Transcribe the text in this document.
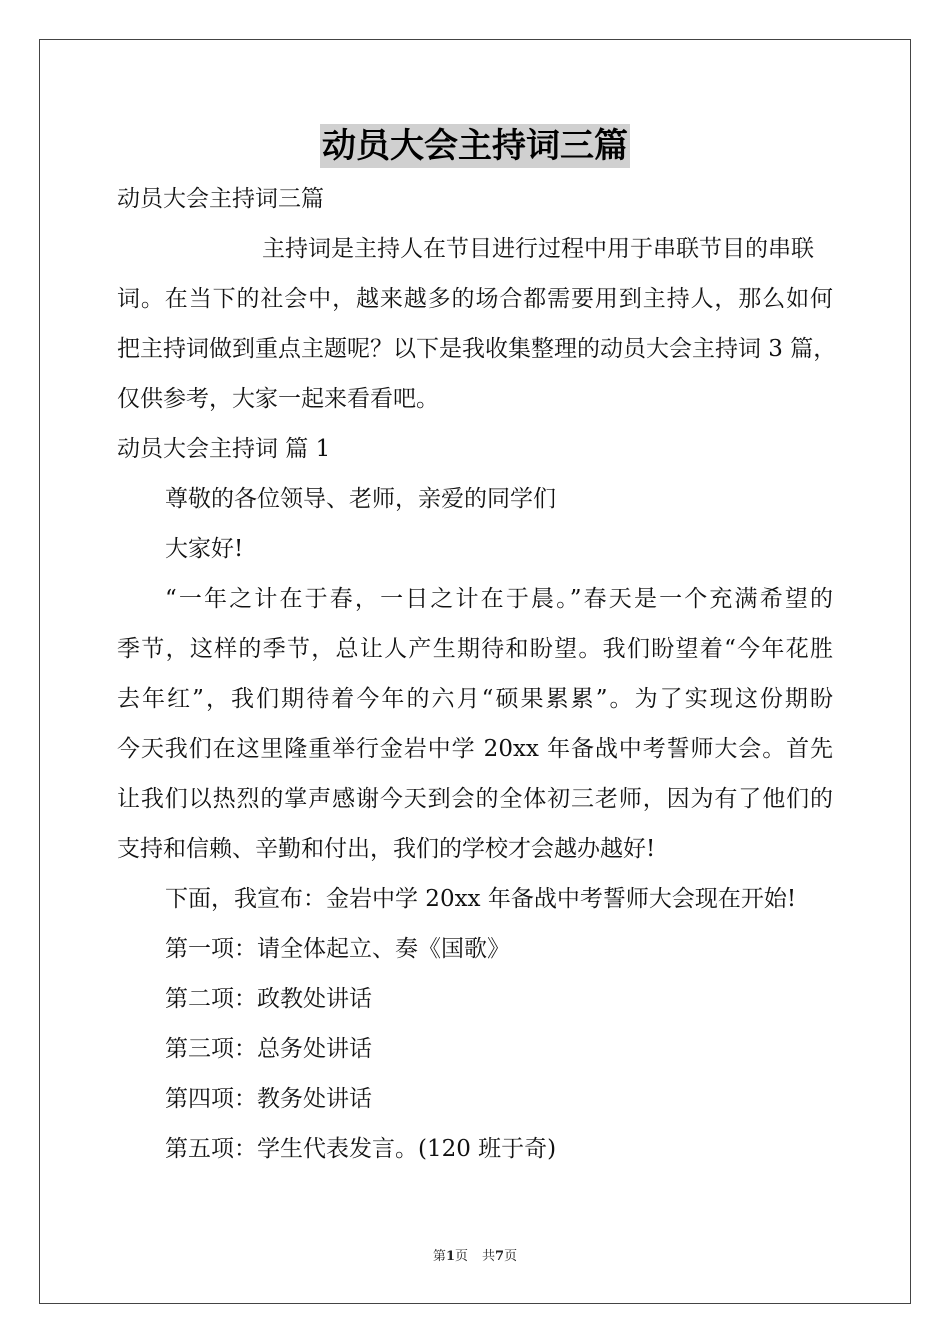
动员大会主持词三篇
动员大会主持词三篇
主持词是主持人在节目进行过程中用于串联节目的串联
词。在当下的社会中，越来越多的场合都需要用到主持人，那么如何
把主持词做到重点主题呢？以下是我收集整理的动员大会主持词 3 篇，
仅供参考，大家一起来看看吧。
动员大会主持词 篇 1
尊敬的各位领导、老师，亲爱的同学们
大家好!
“一年之计在于春，一日之计在于晨。”春天是一个充满希望的
季节，这样的季节，总让人产生期待和盼望。我们盼望着“今年花胜
去年红”，我们期待着今年的六月“硕果累累”。为了实现这份期盼
今天我们在这里隆重举行金岩中学 20xx 年备战中考誓师大会。首先
让我们以热烈的掌声感谢今天到会的全体初三老师，因为有了他们的
支持和信赖、辛勤和付出，我们的学校才会越办越好!
下面，我宣布：金岩中学 20xx 年备战中考誓师大会现在开始!
第一项：请全体起立、奏《国歌》
第二项：政教处讲话
第三项：总务处讲话
第四项：教务处讲话
第五项：学生代表发言。(120 班于奇)
第1页 共7页
